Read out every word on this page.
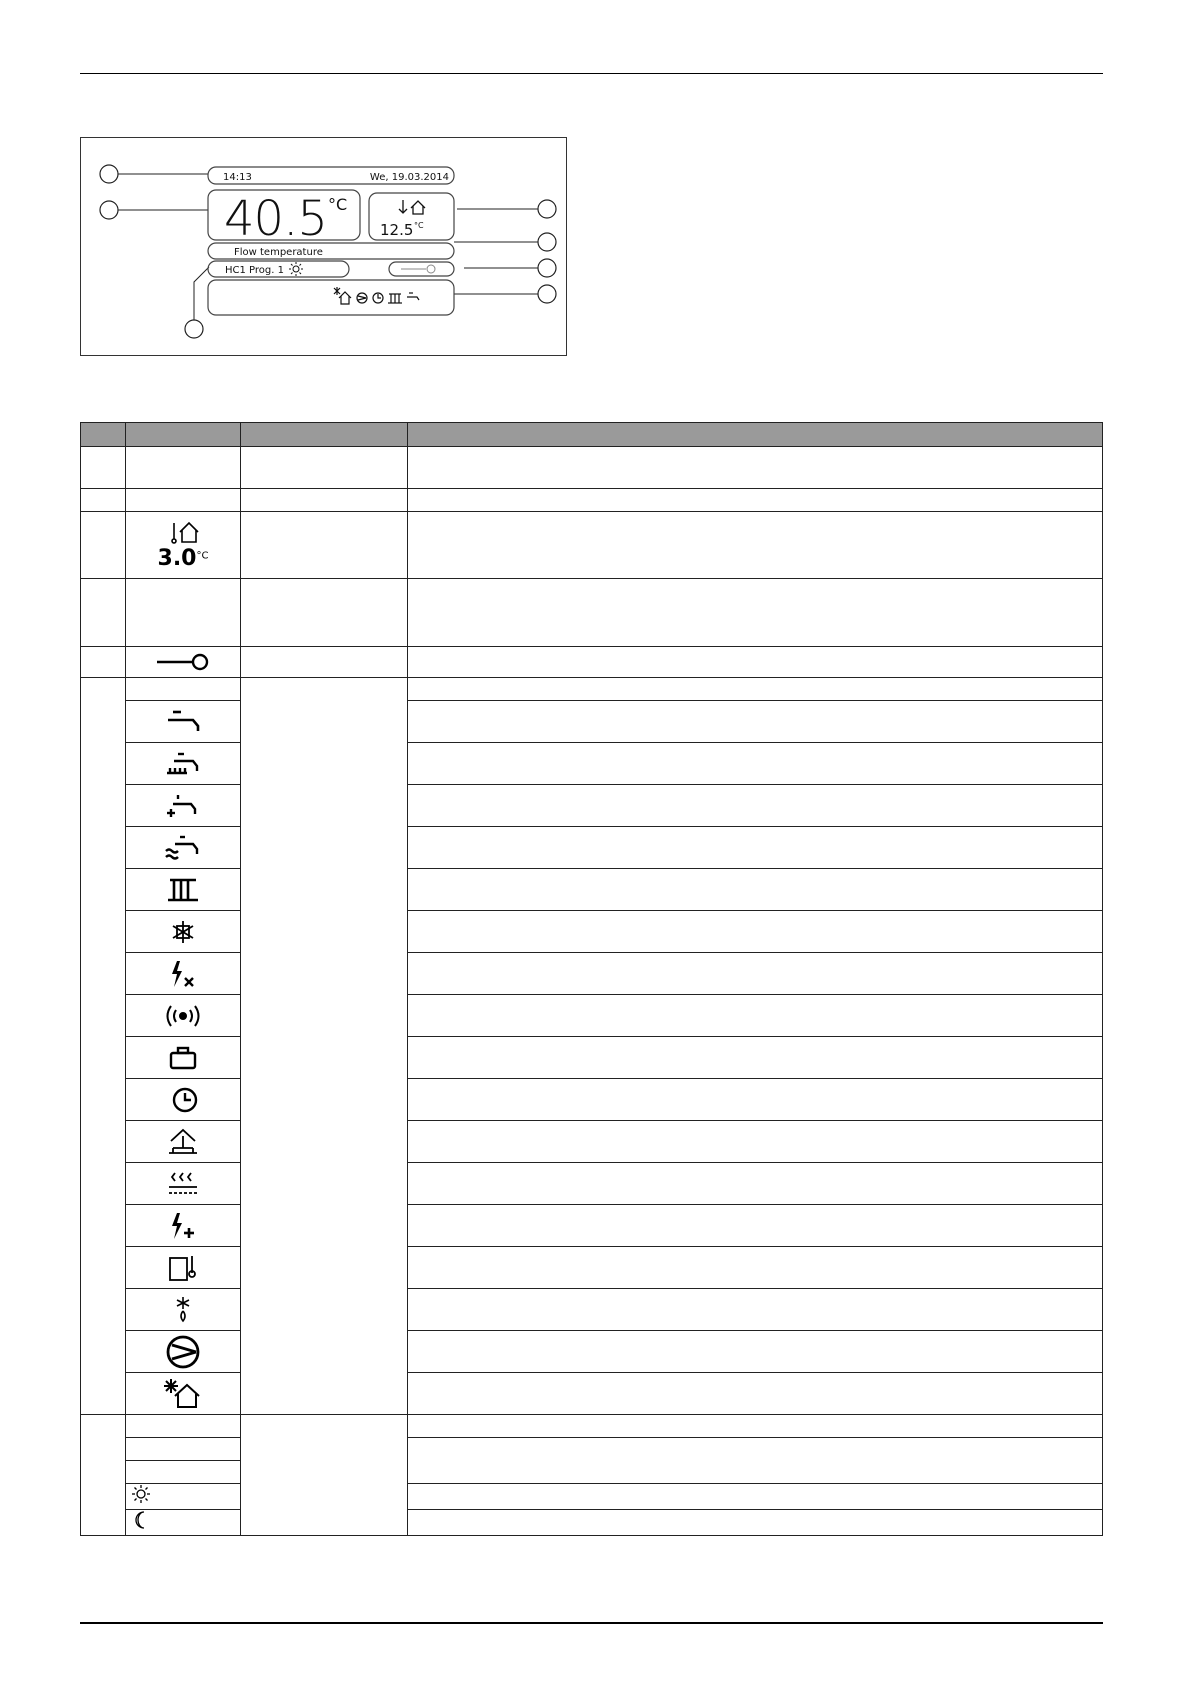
14:13	We, 19.03.2014
40.5 °C
12.5 °C
Flow temperature
HC1 Prog. 1

$3.0^{^\circ C}$		
